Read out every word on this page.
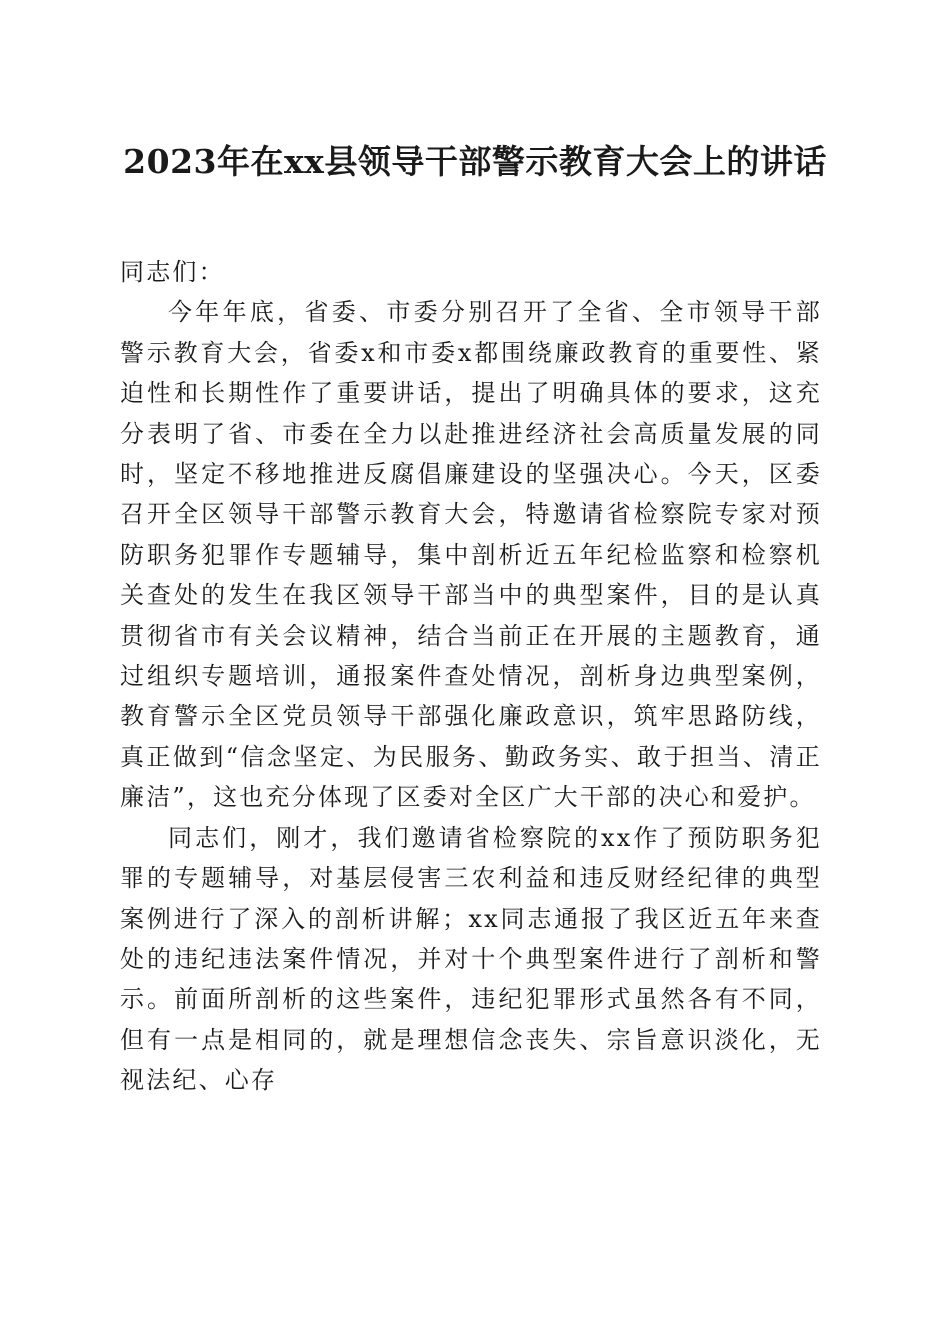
2023年在xx县领导干部警示教育大会上的讲话

同志们：

今年年底，省委、市委分别召开了全省、全市领导干部警示教育大会，省委x和市委x都围绕廉政教育的重要性、紧迫性和长期性作了重要讲话，提出了明确具体的要求，这充分表明了省、市委在全力以赴推进经济社会高质量发展的同时，坚定不移地推进反腐倡廉建设的坚强决心。今天，区委召开全区领导干部警示教育大会，特邀请省检察院专家对预防职务犯罪作专题辅导，集中剖析近五年纪检监察和检察机关查处的发生在我区领导干部当中的典型案件，目的是认真贯彻省市有关会议精神，结合当前正在开展的主题教育，通过组织专题培训，通报案件查处情况，剖析身边典型案例，教育警示全区党员领导干部强化廉政意识，筑牢思路防线，真正做到“信念坚定、为民服务、勤政务实、敢于担当、清正廉洁”，这也充分体现了区委对全区广大干部的决心和爱护。

同志们，刚才，我们邀请省检察院的xx作了预防职务犯罪的专题辅导，对基层侵害三农利益和违反财经纪律的典型案例进行了深入的剖析讲解；xx同志通报了我区近五年来查处的违纪违法案件情况，并对十个典型案件进行了剖析和警示。前面所剖析的这些案件，违纪犯罪形式虽然各有不同，但有一点是相同的，就是理想信念丧失、宗旨意识淡化，无视法纪、心存
